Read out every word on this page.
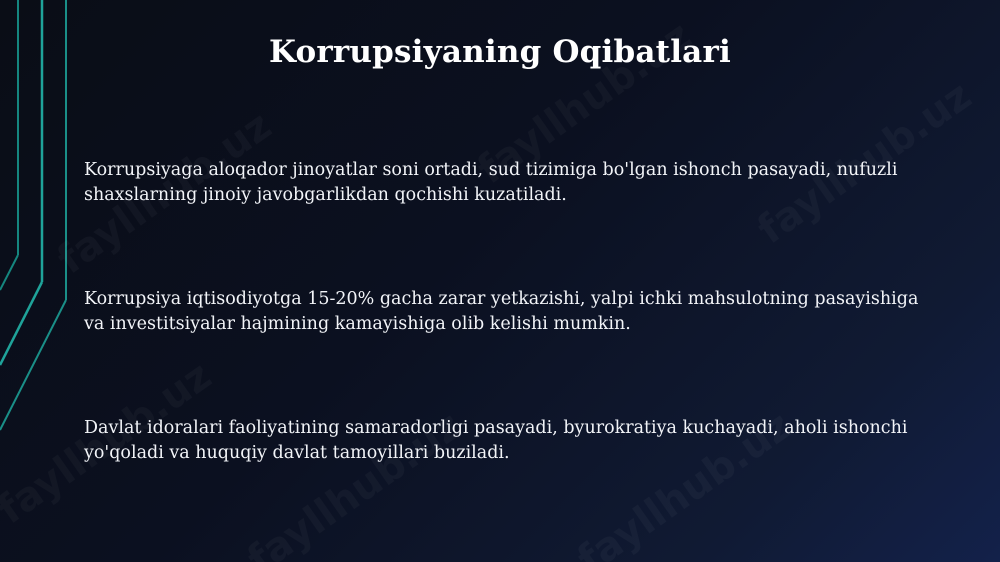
Korrupsiyaning Oqibatlari
Korrupsiyaga aloqador jinoyatlar soni ortadi, sud tizimiga bo'lgan ishonch pasayadi, nufuzli shaxslarning jinoiy javobgarlikdan qochishi kuzatiladi.
Korrupsiya iqtisodiyotga 15-20% gacha zarar yetkazishi, yalpi ichki mahsulotning pasayishiga va investitsiyalar hajmining kamayishiga olib kelishi mumkin.
Davlat idoralari faoliyatining samaradorligi pasayadi, byurokratiya kuchayadi, aholi ishonchi yo'qoladi va huquqiy davlat tamoyillari buziladi.
